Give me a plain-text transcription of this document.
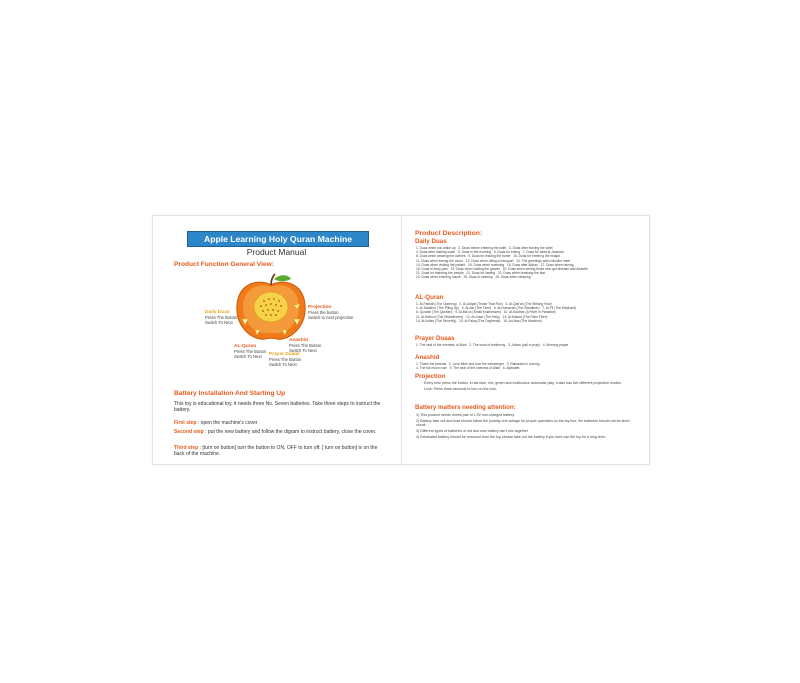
Apple Learning Holy Quran Machine
Product Manual
Product Function General View:
Daily Duas
Press The Button
Switch To Next
Projection
Press the button
Switch to next projection
AL-Quran
Press The Button
Switch To Next
Anashid
Press The Button
Switch To Next
Prayer Duaas
Press The Button
Switch To Next
Battery Installation And Starting Up
This toy is educational toy, it needs three No. Seven batteries. Take three steps to instruct the battery.
First step : open the machine's cover
Second step : put the new battery and follow the digram to instruct battery, close the cover.
Third step : [turn on button] turn the button to ON, OFF to turn off. [ turn on button] is on the back of the machine.
Product Description:
Daily Duas
1. Duas when you wake up   2. Duas before entering the toilet   3. Duas after leaving the toilet
4. Duas after making wudu   5. Duas in the morning   6. Duas for eating   7. Duas for salat al-Janazah
8. Duas when wearing the clothes   9. Duas for leaving the home   10. Duas for entering the masjid
11. Duas when seeing the moon   12. Duas when riding a transport   13. The greetings when Muslim meet
14. Duas when visiting the patient   15. Duas when sneezing   16. Duas after Adhan   17. Duas when raining
18. Duas in body pain   19. Duas when visiting the graves   20. Duas when seeing those who get disease and disaster
21. Duas for thanking the people   22. Duas for fasting   23. Duas when breaking the fast
24. Duas when entering house   25. Duas in evening   26. Duas when sleeping
AL-Quran
1. Al-Fatihah (The Opening)   2. Al-Adiyat (Those That Run)   3. Al-Qari'ah (The Striking Hour)
4. Al-Takathur (The Piling Up)   5. Al-Asr (The Time)   6. Al-Humazah (The Slanderer)   7. Al-Fil (The Elephant)
8. Quraish (The Quraish)   9. Al-Ma'un (Small Kindnesses)   10. Al-Kauthar (A River in Paradise)
11. Al-Kafirun (The Disbelievers)   12. An-Nasr (The Help)   13. Al-Masad (The Palm Fibre)
14. Al-Ikhlas (The Sincerity)   15. Al-Falaq (The Daybreak)   16. An-Nas (The Mankind)
Prayer Duaas
1. The seal of the oneness of Allah   2. The word of testimony   3. Adzan (call to pray)   4. Morning prayer
Anashid
1. Thank the parents   2. Love Allah and love the messenger   3. Ramadan is coming
4. The full moon rose   5. The seal of the oneness of Allah   6. Alphabet
Projection
Every time press the button, it has blue, red, green and multicolour automatic play, it also has five different projection modes.
Lock: Press three seconds to turn on the lock.
Battery matters needing attention:
1) This product needs threes pair of 1.5V non-charged battery.
2) Battery take out and load should follow the polarity one voltage for proper operation on the toy box, the batteries should not be short circuit.
3) Different types of batteries or old and new battery can't mix together.
4) Exhausted battery should be removed from the toy, please take out the battery if you dont use the toy for a long term.
